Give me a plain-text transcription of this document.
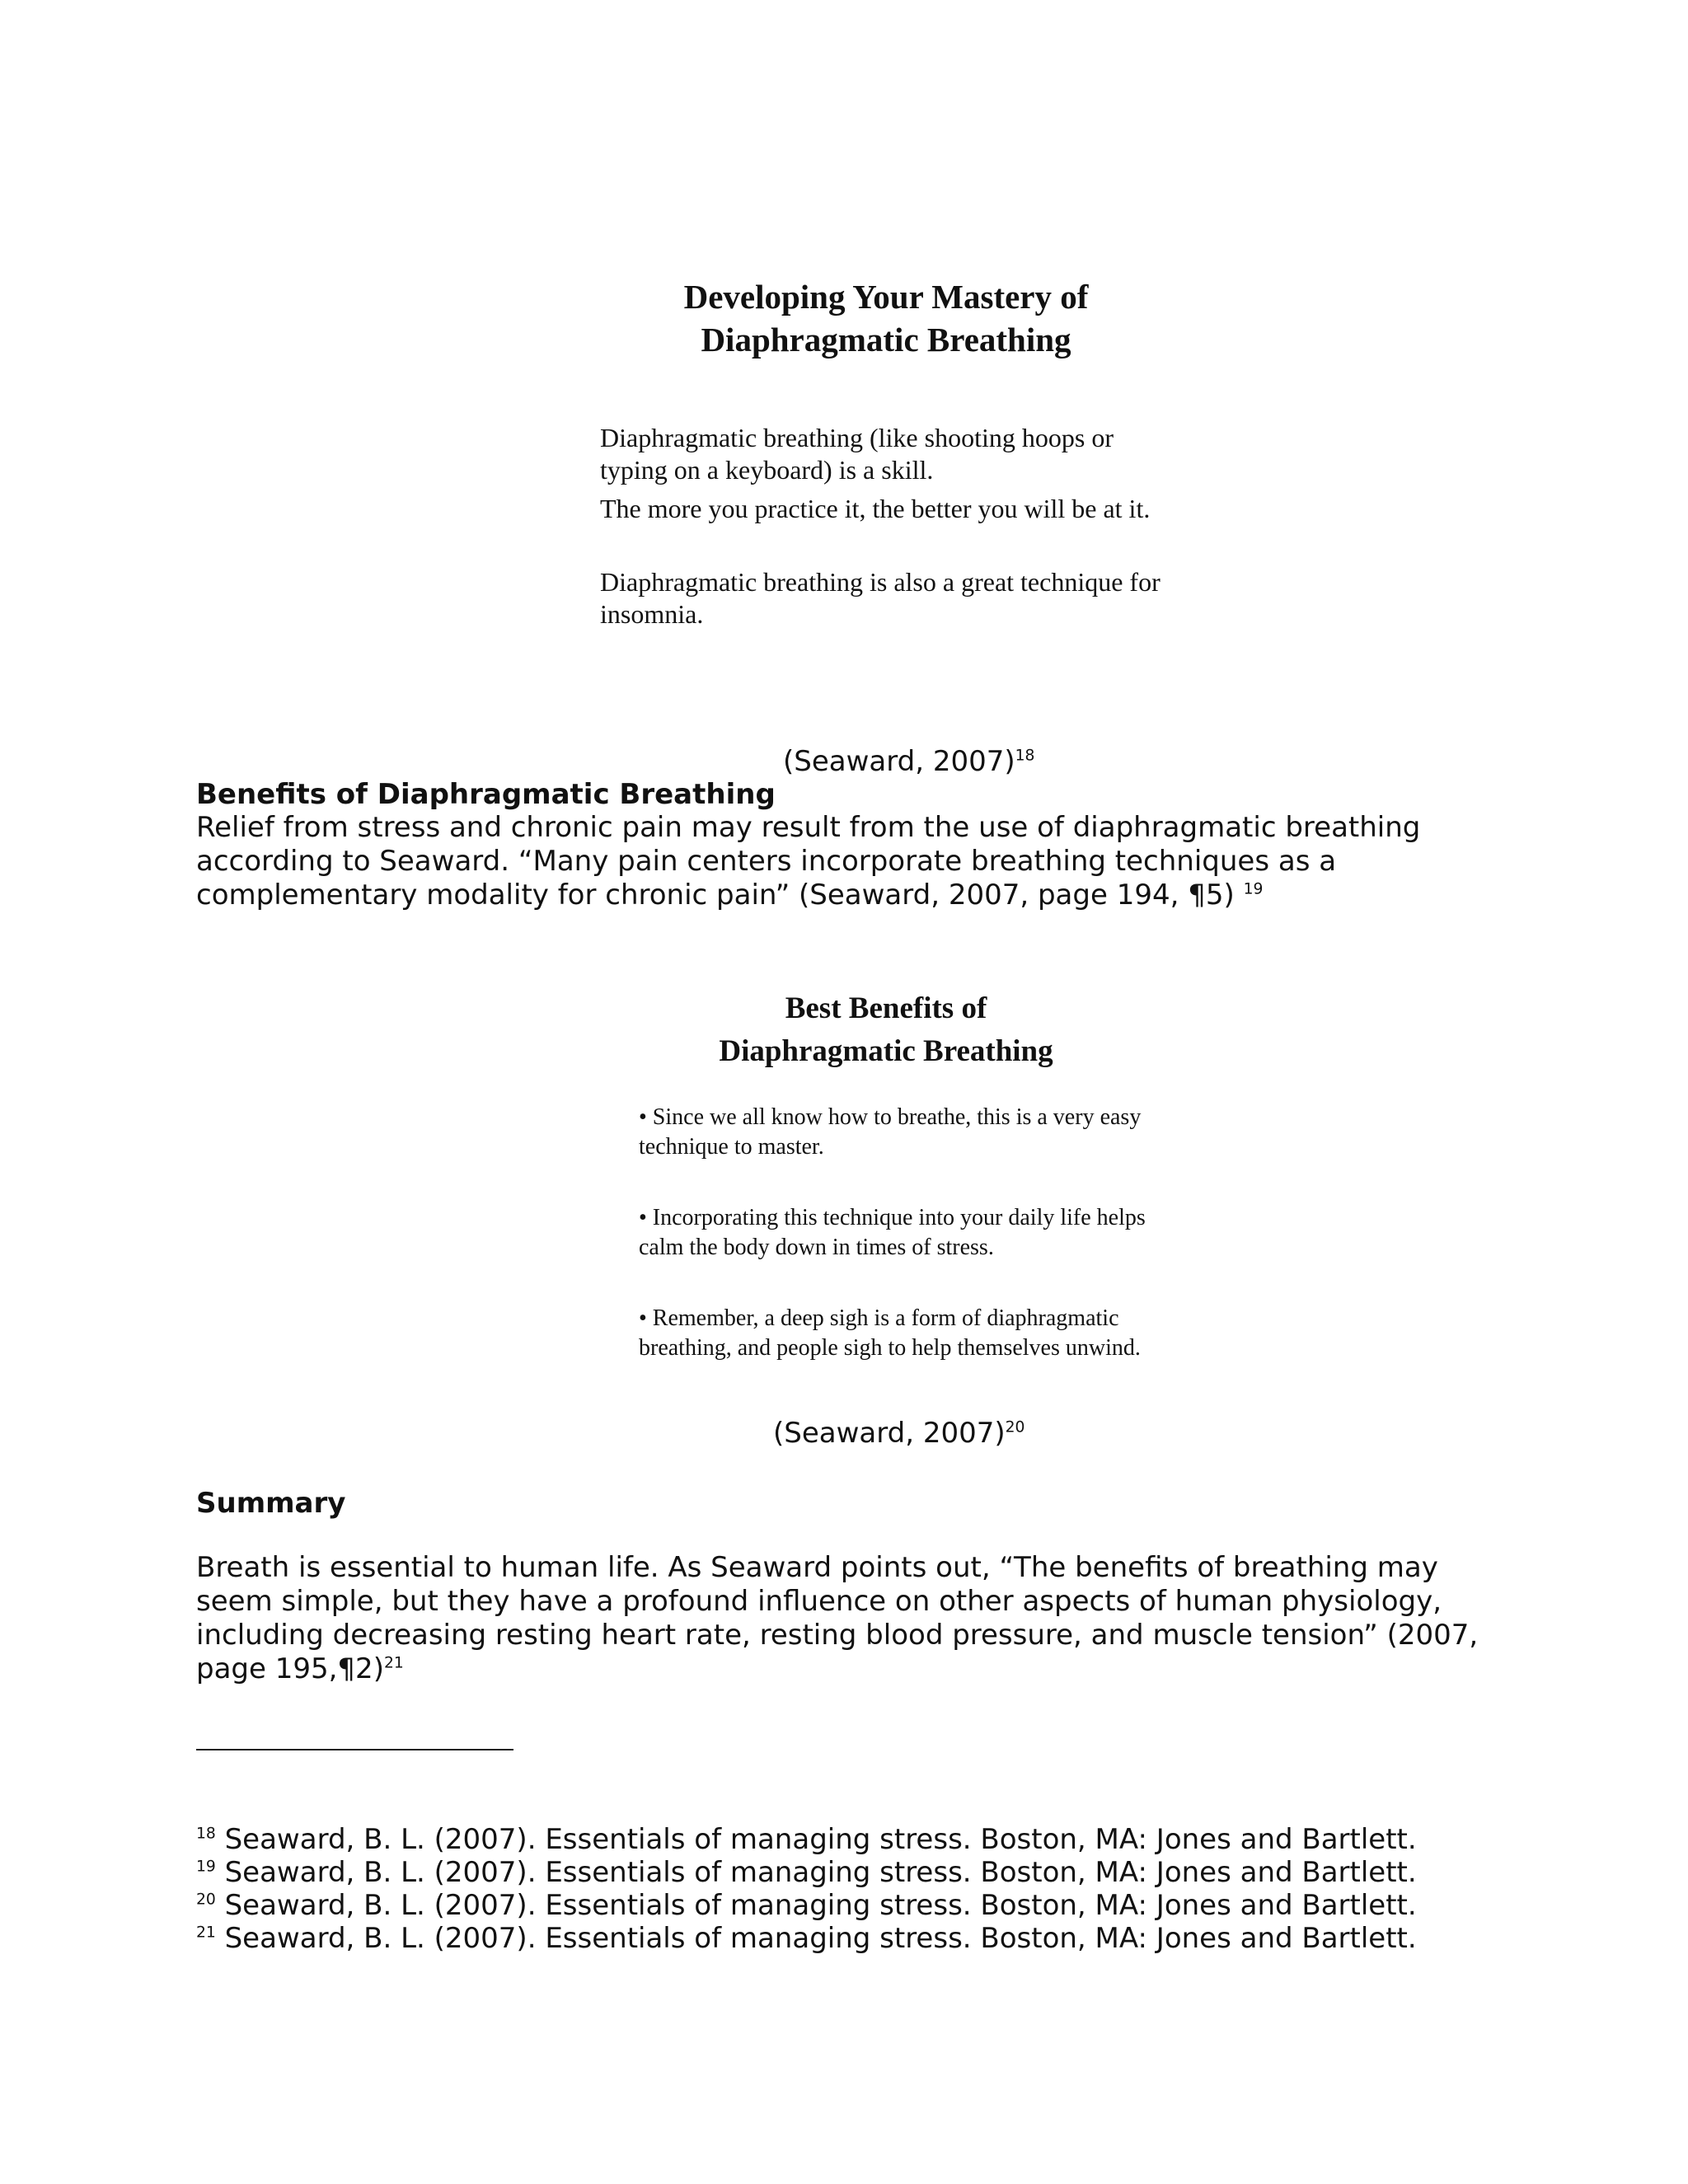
Developing Your Mastery of
Diaphragmatic Breathing

Diaphragmatic breathing (like shooting hoops or typing on a keyboard) is a skill.

The more you practice it, the better you will be at it.

Diaphragmatic breathing is also a great technique for insomnia.

(Seaward, 2007)$^{18}$
Benefits of Diaphragmatic Breathing

Relief from stress and chronic pain may result from the use of diaphragmatic breathing according to Seaward. “Many pain centers incorporate breathing techniques as a complementary modality for chronic pain” (Seaward, 2007, page 194, ¶5) $^{19}$

Best Benefits of
Diaphragmatic Breathing

• Since we all know how to breathe, this is a very easy technique to master.

• Incorporating this technique into your daily life helps calm the body down in times of stress.

• Remember, a deep sigh is a form of diaphragmatic breathing, and people sigh to help themselves unwind.

(Seaward, 2007)$^{20}$
Summary

Breath is essential to human life. As Seaward points out, “The benefits of breathing may seem simple, but they have a profound influence on other aspects of human physiology, including decreasing resting heart rate, resting blood pressure, and muscle tension” (2007, page 195,¶2)$^{21}$

$^{18}$ Seaward, B. L. (2007). Essentials of managing stress. Boston, MA: Jones and Bartlett.
$^{19}$ Seaward, B. L. (2007). Essentials of managing stress. Boston, MA: Jones and Bartlett.
$^{20}$ Seaward, B. L. (2007). Essentials of managing stress. Boston, MA: Jones and Bartlett.
$^{21}$ Seaward, B. L. (2007). Essentials of managing stress. Boston, MA: Jones and Bartlett.
